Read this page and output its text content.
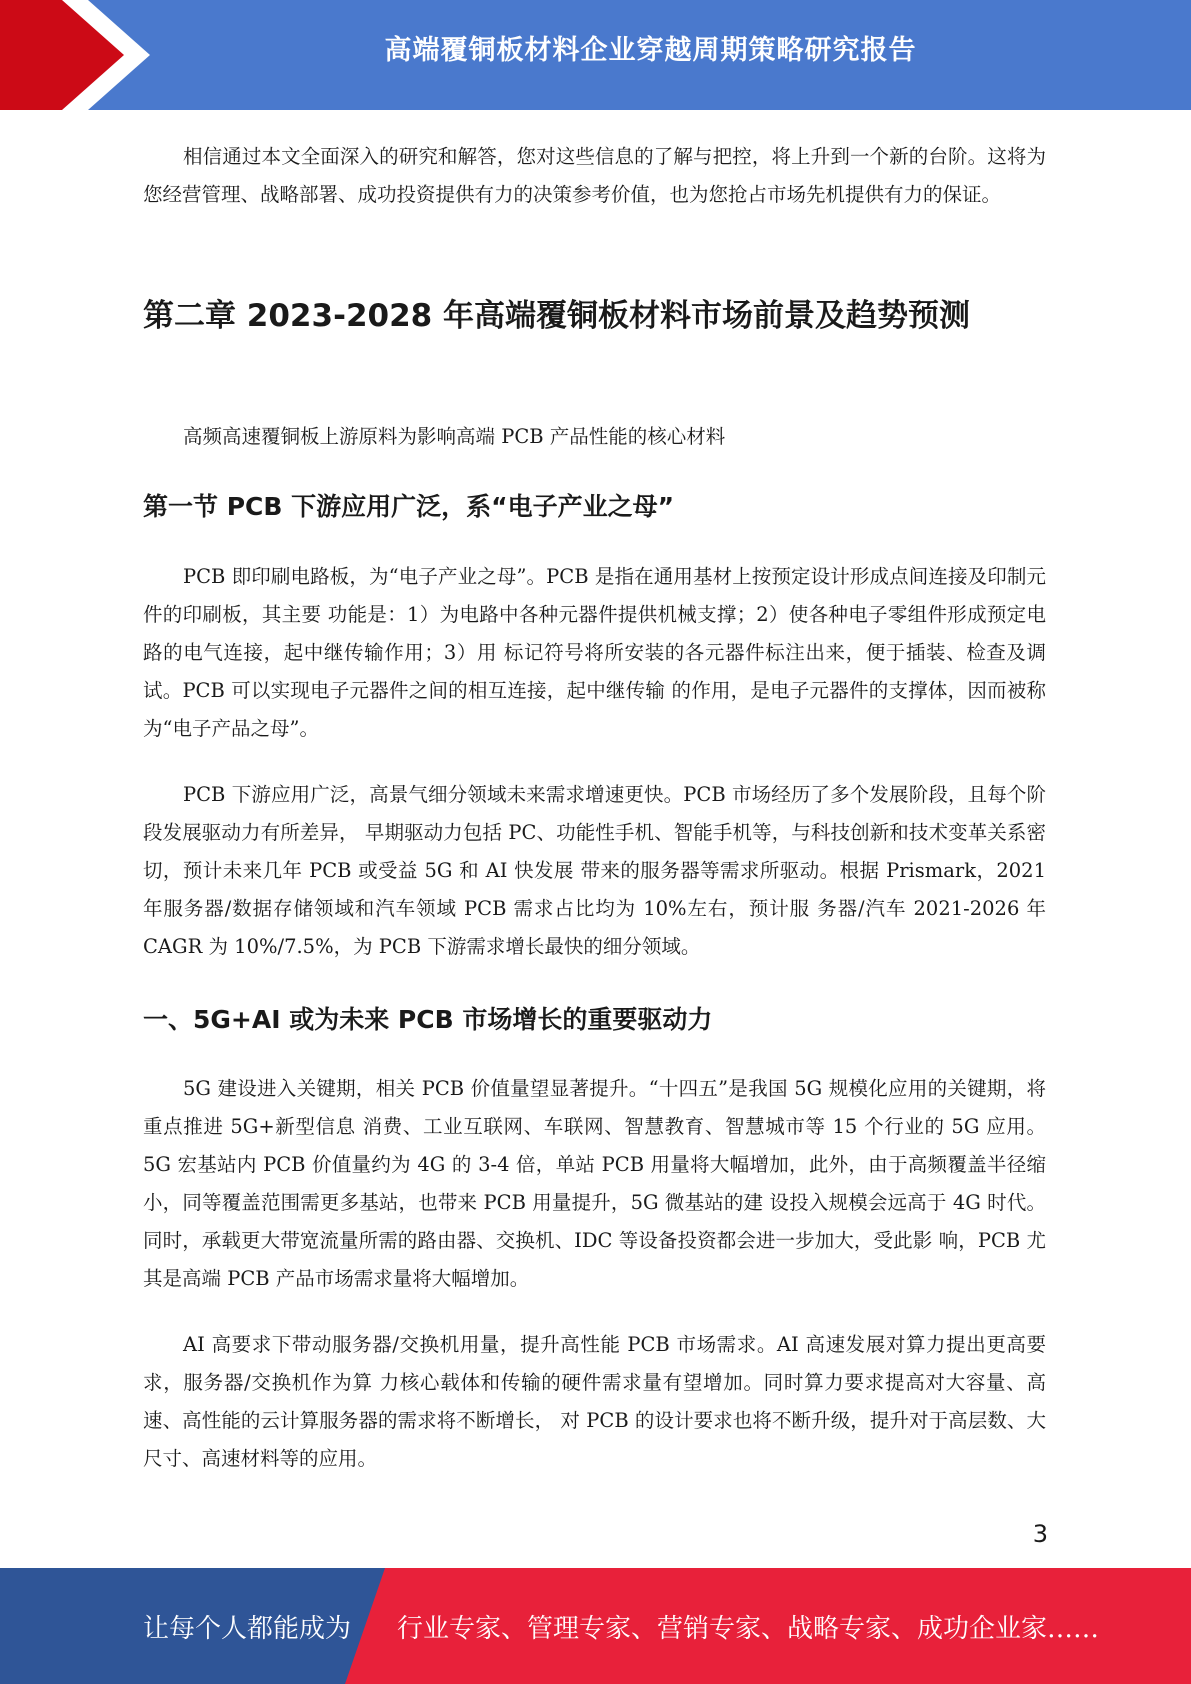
高端覆铜板材料企业穿越周期策略研究报告

相信通过本文全面深入的研究和解答，您对这些信息的了解与把控，将上升到一个新的台阶。这将为您经营管理、战略部署、成功投资提供有力的决策参考价值，也为您抢占市场先机提供有力的保证。

第二章 2023-2028 年高端覆铜板材料市场前景及趋势预测

高频高速覆铜板上游原料为影响高端 PCB 产品性能的核心材料

第一节 PCB 下游应用广泛，系“电子产业之母”

PCB 即印刷电路板，为“电子产业之母”。PCB 是指在通用基材上按预定设计形成点间连接及印制元件的印刷板，其主要 功能是：1）为电路中各种元器件提供机械支撑；2）使各种电子零组件形成预定电路的电气连接，起中继传输作用；3）用 标记符号将所安装的各元器件标注出来，便于插装、检查及调试。PCB 可以实现电子元器件之间的相互连接，起中继传输 的作用，是电子元器件的支撑体，因而被称为“电子产品之母”。

PCB 下游应用广泛，高景气细分领域未来需求增速更快。PCB 市场经历了多个发展阶段，且每个阶段发展驱动力有所差异， 早期驱动力包括 PC、功能性手机、智能手机等，与科技创新和技术变革关系密切，预计未来几年 PCB 或受益 5G 和 AI 快发展 带来的服务器等需求所驱动。根据 Prismark，2021 年服务器/数据存储领域和汽车领域 PCB 需求占比均为 10%左右，预计服 务器/汽车 2021-2026 年 CAGR 为 10%/7.5%，为 PCB 下游需求增长最快的细分领域。

一、5G+AI 或为未来 PCB 市场增长的重要驱动力

5G 建设进入关键期，相关 PCB 价值量望显著提升。“十四五”是我国 5G 规模化应用的关键期，将重点推进 5G+新型信息 消费、工业互联网、车联网、智慧教育、智慧城市等 15 个行业的 5G 应用。5G 宏基站内 PCB 价值量约为 4G 的 3-4 倍，单站 PCB 用量将大幅增加，此外，由于高频覆盖半径缩小，同等覆盖范围需更多基站，也带来 PCB 用量提升，5G 微基站的建 设投入规模会远高于 4G 时代。同时，承载更大带宽流量所需的路由器、交换机、IDC 等设备投资都会进一步加大，受此影 响，PCB 尤其是高端 PCB 产品市场需求量将大幅增加。

AI 高要求下带动服务器/交换机用量，提升高性能 PCB 市场需求。AI 高速发展对算力提出更高要求，服务器/交换机作为算 力核心载体和传输的硬件需求量有望增加。同时算力要求提高对大容量、高速、高性能的云计算服务器的需求将不断增长， 对 PCB 的设计要求也将不断升级，提升对于高层数、大尺寸、高速材料等的应用。

3
让每个人都能成为 行业专家、管理专家、营销专家、战略专家、成功企业家……
